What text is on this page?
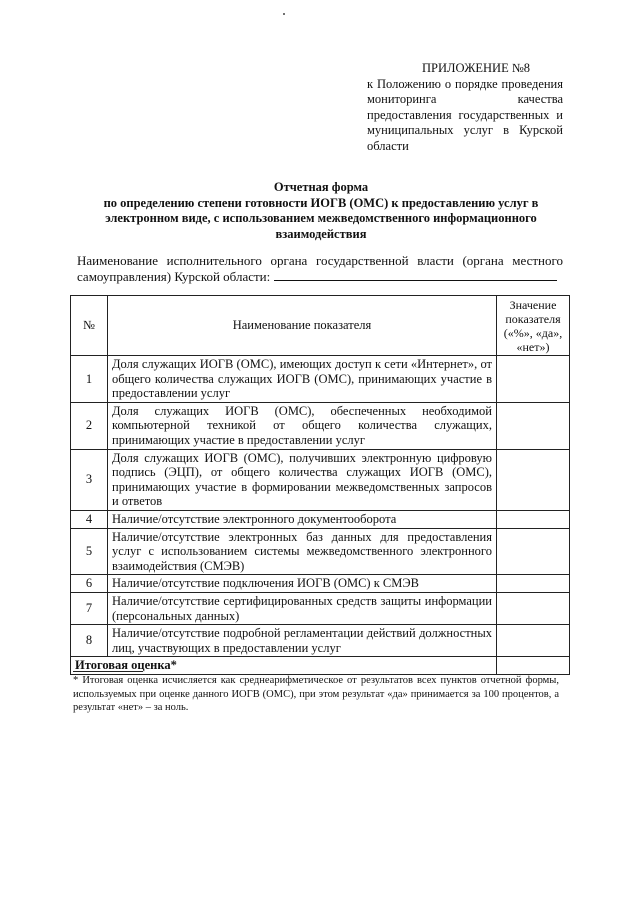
ПРИЛОЖЕНИЕ №8
к Положению о порядке проведения мониторинга качества предоставления государственных и муниципальных услуг в Курской области
Отчетная форма
по определению степени готовности ИОГВ (ОМС) к предоставлению услуг в электронном виде, с использованием межведомственного информационного взаимодействия
Наименование исполнительного органа государственной власти (органа местного самоуправления) Курской области:
№	Наименование показателя	Значение показателя («%», «да», «нет»)
1	Доля служащих ИОГВ (ОМС), имеющих доступ к сети «Интернет», от общего количества служащих ИОГВ (ОМС), принимающих участие в предоставлении услуг	
2	Доля служащих ИОГВ (ОМС), обеспеченных необходимой компьютерной техникой от общего количества служащих, принимающих участие в предоставлении услуг	
3	Доля служащих ИОГВ (ОМС), получивших электронную цифровую подпись (ЭЦП), от общего количества служащих ИОГВ (ОМС), принимающих участие в формировании межведомственных запросов и ответов	
4	Наличие/отсутствие электронного документооборота	
5	Наличие/отсутствие электронных баз данных для предоставления услуг с использованием системы межведомственного электронного взаимодействия (СМЭВ)	
6	Наличие/отсутствие подключения ИОГВ (ОМС) к СМЭВ	
7	Наличие/отсутствие сертифицированных средств защиты информации (персональных данных)	
8	Наличие/отсутствие подробной регламентации действий должностных лиц, участвующих в предоставлении услуг	
Итоговая оценка*		
* Итоговая оценка исчисляется как среднеарифметическое от результатов всех пунктов отчетной формы, используемых при оценке данного ИОГВ (ОМС), при этом результат «да» принимается за 100 процентов, а результат «нет» – за ноль.
